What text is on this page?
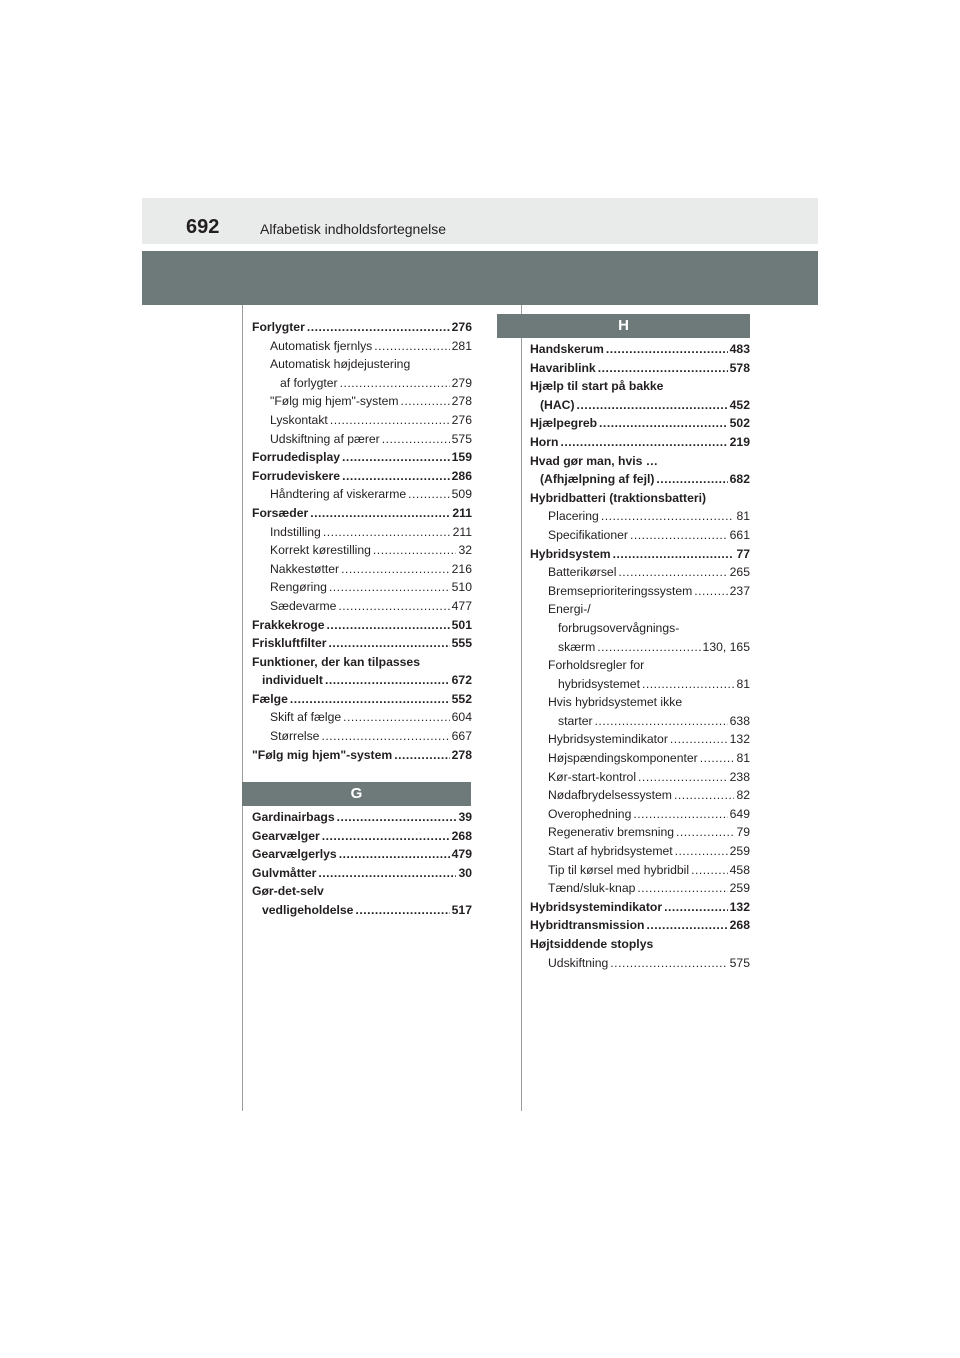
692	Alfabetisk indholdsfortegnelse
Forlygter .....	276
Automatisk fjernlys .....	281
Automatisk højdejustering
af forlygter .....	279
"Følg mig hjem"-system .....	278
Lyskontakt .....	276
Udskiftning af pærer .....	575
Forrudedisplay .....	159
Forrudeviskere .....	286
Håndtering af viskerarme .....	509
Forsæder .....	211
Indstilling .....	211
Korrekt kørestilling .....	32
Nakkestøtter .....	216
Rengøring .....	510
Sædevarme .....	477
Frakkekroge .....	501
Friskluftfilter .....	555
Funktioner, der kan tilpasses
individuelt .....	672
Fælge .....	552
Skift af fælge .....	604
Størrelse .....	667
"Følg mig hjem"-system .....	278
G
Gardinairbags .....	39
Gearvælger .....	268
Gearvælgerlys .....	479
Gulvmåtter .....	30
Gør-det-selv
vedligeholdelse .....	517
H
Handskerum .....	483
Havariblink .....	578
Hjælp til start på bakke
(HAC) .....	452
Hjælpegreb .....	502
Horn .....	219
Hvad gør man, hvis …
(Afhjælpning af fejl) .....	682
Hybridbatteri (traktionsbatteri)
Placering .....	81
Specifikationer .....	661
Hybridsystem .....	77
Batterikørsel .....	265
Bremseprioriteringssystem .....	237
Energi-/
forbrugsovervågnings-
skærm .....	130, 165
Forholdsregler for
hybridsystemet .....	81
Hvis hybridsystemet ikke
starter .....	638
Hybridsystemindikator .....	132
Højspændingskomponenter .....	81
Kør-start-kontrol .....	238
Nødafbrydelsessystem .....	82
Overophedning .....	649
Regenerativ bremsning .....	79
Start af hybridsystemet .....	259
Tip til kørsel med hybridbil .....	458
Tænd/sluk-knap .....	259
Hybridsystemindikator .....	132
Hybridtransmission .....	268
Højtsiddende stoplys
Udskiftning .....	575
